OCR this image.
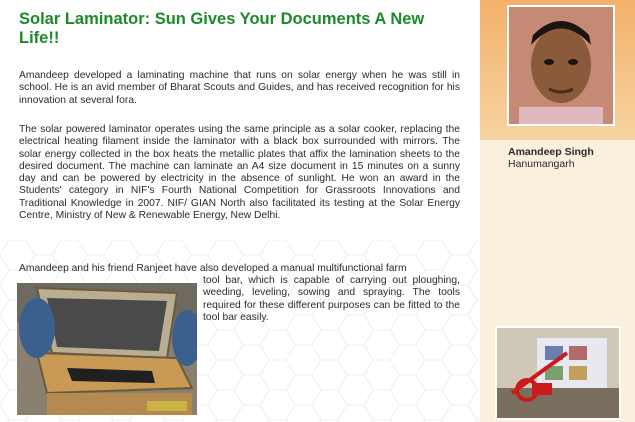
Solar Laminator: Sun Gives Your Documents A New Life!!

Amandeep developed a laminating machine that runs on solar energy when he was still in school. He is an avid member of Bharat Scouts and Guides, and has received recognition for his innovation at several fora.

The solar powered laminator operates using the same principle as a solar cooker, replacing the electrical heating filament inside the laminator with a black box surrounded with mirrors. The solar energy collected in the box heats the metallic plates that affix the lamination sheets to the desired document. The machine can laminate an A4 size document in 15 minutes on a sunny day and can be powered by electricity in the absence of sunlight. He won an award in the Students' category in NIF's Fourth National Competition for Grassroots Innovations and Traditional Knowledge in 2007. NIF/ GIAN North also facilitated its testing at the Solar Energy Centre, Ministry of New & Renewable Energy, New Delhi.

Amandeep and his friend Ranjeet have also developed a manual multifunctional farm

tool bar, which is capable of carrying out ploughing, weeding, leveling, sowing and spraying. The tools required for these different purposes can be fitted to the tool bar easily.

Amandeep Singh

Hanumangarh
